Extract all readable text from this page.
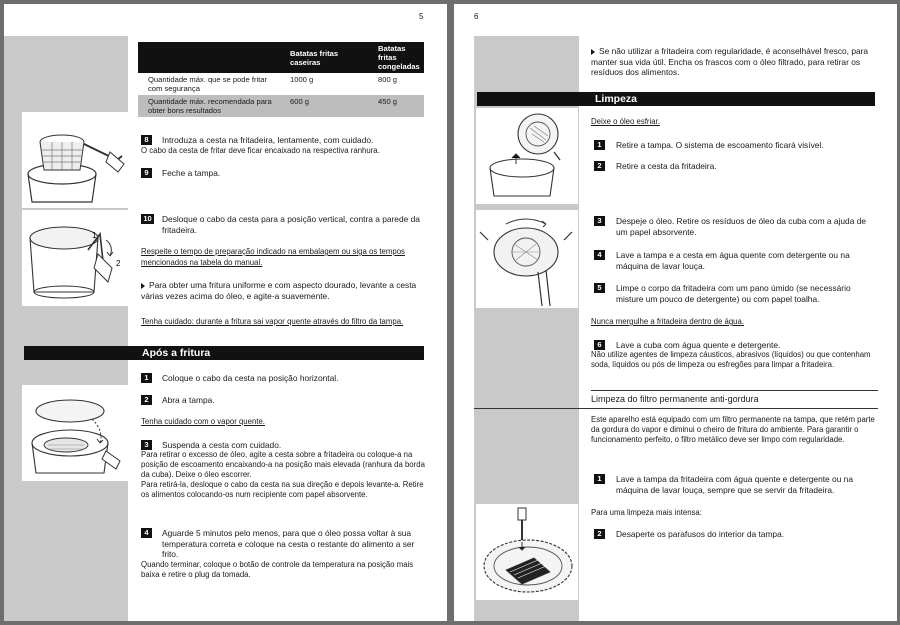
5
	Batatas fritas caseiras	Batatas fritas congeladas
Quantidade máx. que se pode fritar com segurança	1000 g	800 g
Quantidade máx. recomendada para obter bons resultados	600 g	450 g
8	Introduza a cesta na fritadeira, lentamente, com cuidado.
O cabo da cesta de fritar deve ficar encaixado na respectiva ranhura.
9	Feche a tampa.
1
2
10 Desloque o cabo da cesta para a posição vertical, contra a parede da fritadeira.
Respeite o tempo de preparação indicado na embalagem ou siga os tempos mencionados na tabela do manual.
Para obter uma fritura uniforme e com aspecto dourado, levante a cesta várias vezes acima do óleo, e agite-a suavemente.
Tenha cuidado: durante a fritura sai vapor quente através do filtro da tampa.
Após a fritura
1	Coloque o cabo da cesta na posição horizontal.
2	Abra a tampa.
Tenha cuidado com o vapor quente.
3	Suspenda a cesta com cuidado.
Para retirar o excesso de óleo, agite a cesta sobre a fritadeira ou coloque-a na posição de escoamento encaixando-a na posição mais elevada (ranhura da borda da cuba). Deixe o óleo escorrer.
Para retirá-la, desloque o cabo da cesta na sua direção e depois levante-a. Retire os alimentos colocando-os num recipiente com papel absorvente.
4	Aguarde 5 minutos pelo menos, para que o óleo possa voltar à sua temperatura correta e coloque na cesta o restante do alimento a ser frito.
Quando terminar, coloque o botão de controle da temperatura na posição mais baixa e retire o plug da tomada.
6
Se não utilizar a fritadeira com regularidade, é aconselhável fresco, para manter sua vida útil. Encha os frascos com o óleo filtrado, para retirar os resíduos dos alimentos.
Limpeza
Deixe o óleo esfriar.
1	Retire a tampa. O sistema de escoamento ficará visível.
2	Retire a cesta da fritadeira.
3	Despeje o óleo. Retire os resíduos de óleo da cuba com a ajuda de um papel absorvente.
4	Lave a tampa e a cesta em água quente com detergente ou na máquina de lavar louça.
5	Limpe o corpo da fritadeira com um pano úmido (se necessário misture um pouco de detergente) ou com papel toalha.
Nunca mergulhe a fritadeira dentro de água.
6	Lave a cuba com água quente e detergente.
Não utilize agentes de limpeza cáusticos, abrasivos (líquidos) ou que contenham soda, líquidos ou pós de limpeza ou esfregões para limpar a fritadeira.
Limpeza do filtro permanente anti-gordura
Este aparelho está equipado com um filtro permanente na tampa, que retém parte da gordura do vapor e diminui o cheiro de fritura do ambiente. Para garantir o funcionamento perfeito, o filtro metálico deve ser limpo com regularidade.
1	Lave a tampa da fritadeira com água quente e detergente ou na máquina de lavar louça, sempre que se servir da fritadeira.
Para uma limpeza mais intensa:
2	Desaperte os parafusos do interior da tampa.
